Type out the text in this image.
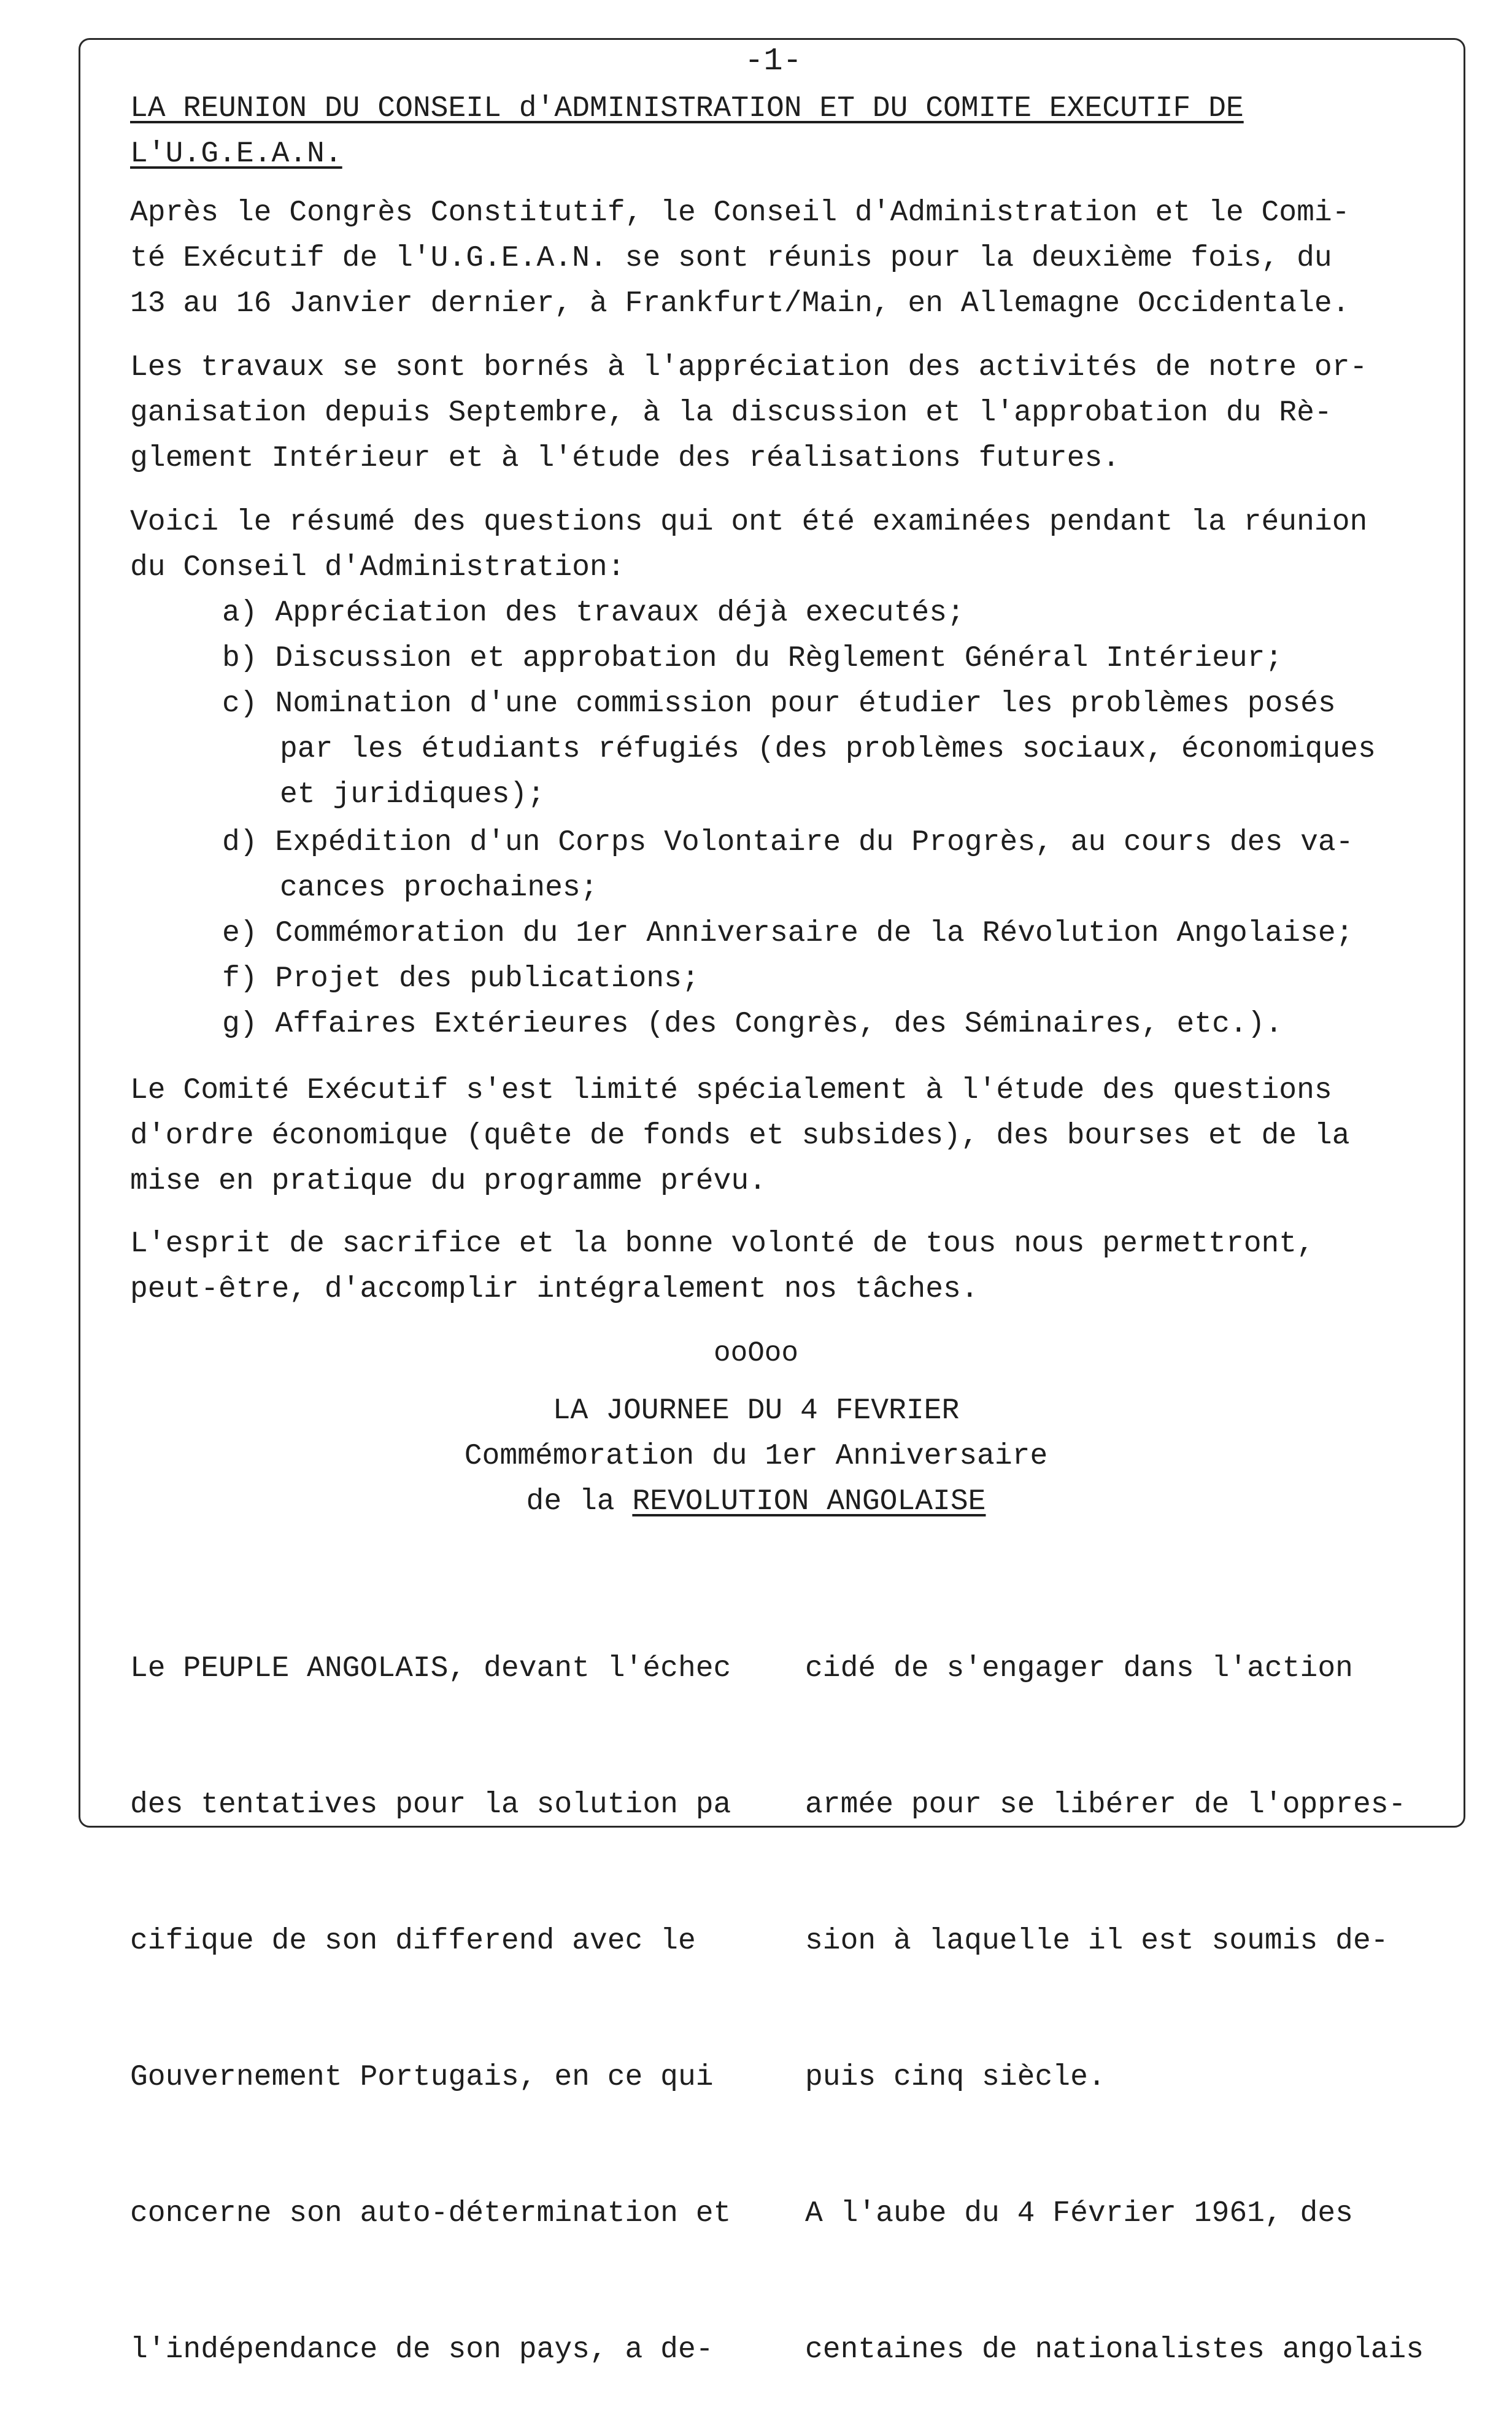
-1-
LA REUNION DU CONSEIL d'ADMINISTRATION ET DU COMITE EXECUTIF DE
L'U.G.E.A.N.
Après le Congrès Constitutif, le Conseil d'Administration et le Comi-
té Exécutif de l'U.G.E.A.N. se sont réunis pour la deuxième fois, du
13 au 16 Janvier dernier, à Frankfurt/Main, en Allemagne Occidentale.
Les travaux se sont bornés à l'appréciation des activités de notre or-
ganisation depuis Septembre, à la discussion et l'approbation du Rè-
glement Intérieur et à l'étude des réalisations futures.
Voici le résumé des questions qui ont été examinées pendant la réunion
du Conseil d'Administration:
a) Appréciation des travaux déjà executés;
b) Discussion et approbation du Règlement Général Intérieur;
c) Nomination d'une commission pour étudier les problèmes posés
par les étudiants réfugiés (des problèmes sociaux, économiques
et juridiques);
d) Expédition d'un Corps Volontaire du Progrès, au cours des va-
cances prochaines;
e) Commémoration du 1er Anniversaire de la Révolution Angolaise;
f) Projet des publications;
g) Affaires Extérieures (des Congrès, des Séminaires, etc.).
Le Comité Exécutif s'est limité spécialement à l'étude des questions
d'ordre économique (quête de fonds et subsides), des bourses et de la
mise en pratique du programme prévu.
L'esprit de sacrifice et la bonne volonté de tous nous permettront,
peut-être, d'accomplir intégralement nos tâches.
ooOoo
LA JOURNEE DU 4 FEVRIER
Commémoration du 1er Anniversaire
de la REVOLUTION ANGOLAISE

Le PEUPLE ANGOLAIS, devant l'échec

des tentatives pour la solution pa

cifique de son differend avec le

Gouvernement Portugais, en ce qui

concerne son auto-détermination et

l'indépendance de son pays, a de-

cidé de s'engager dans l'action

armée pour se libérer de l'oppres-

sion à laquelle il est soumis de-

puis cinq siècle.

A l'aube du 4 Février 1961, des

centaines de nationalistes angolais
